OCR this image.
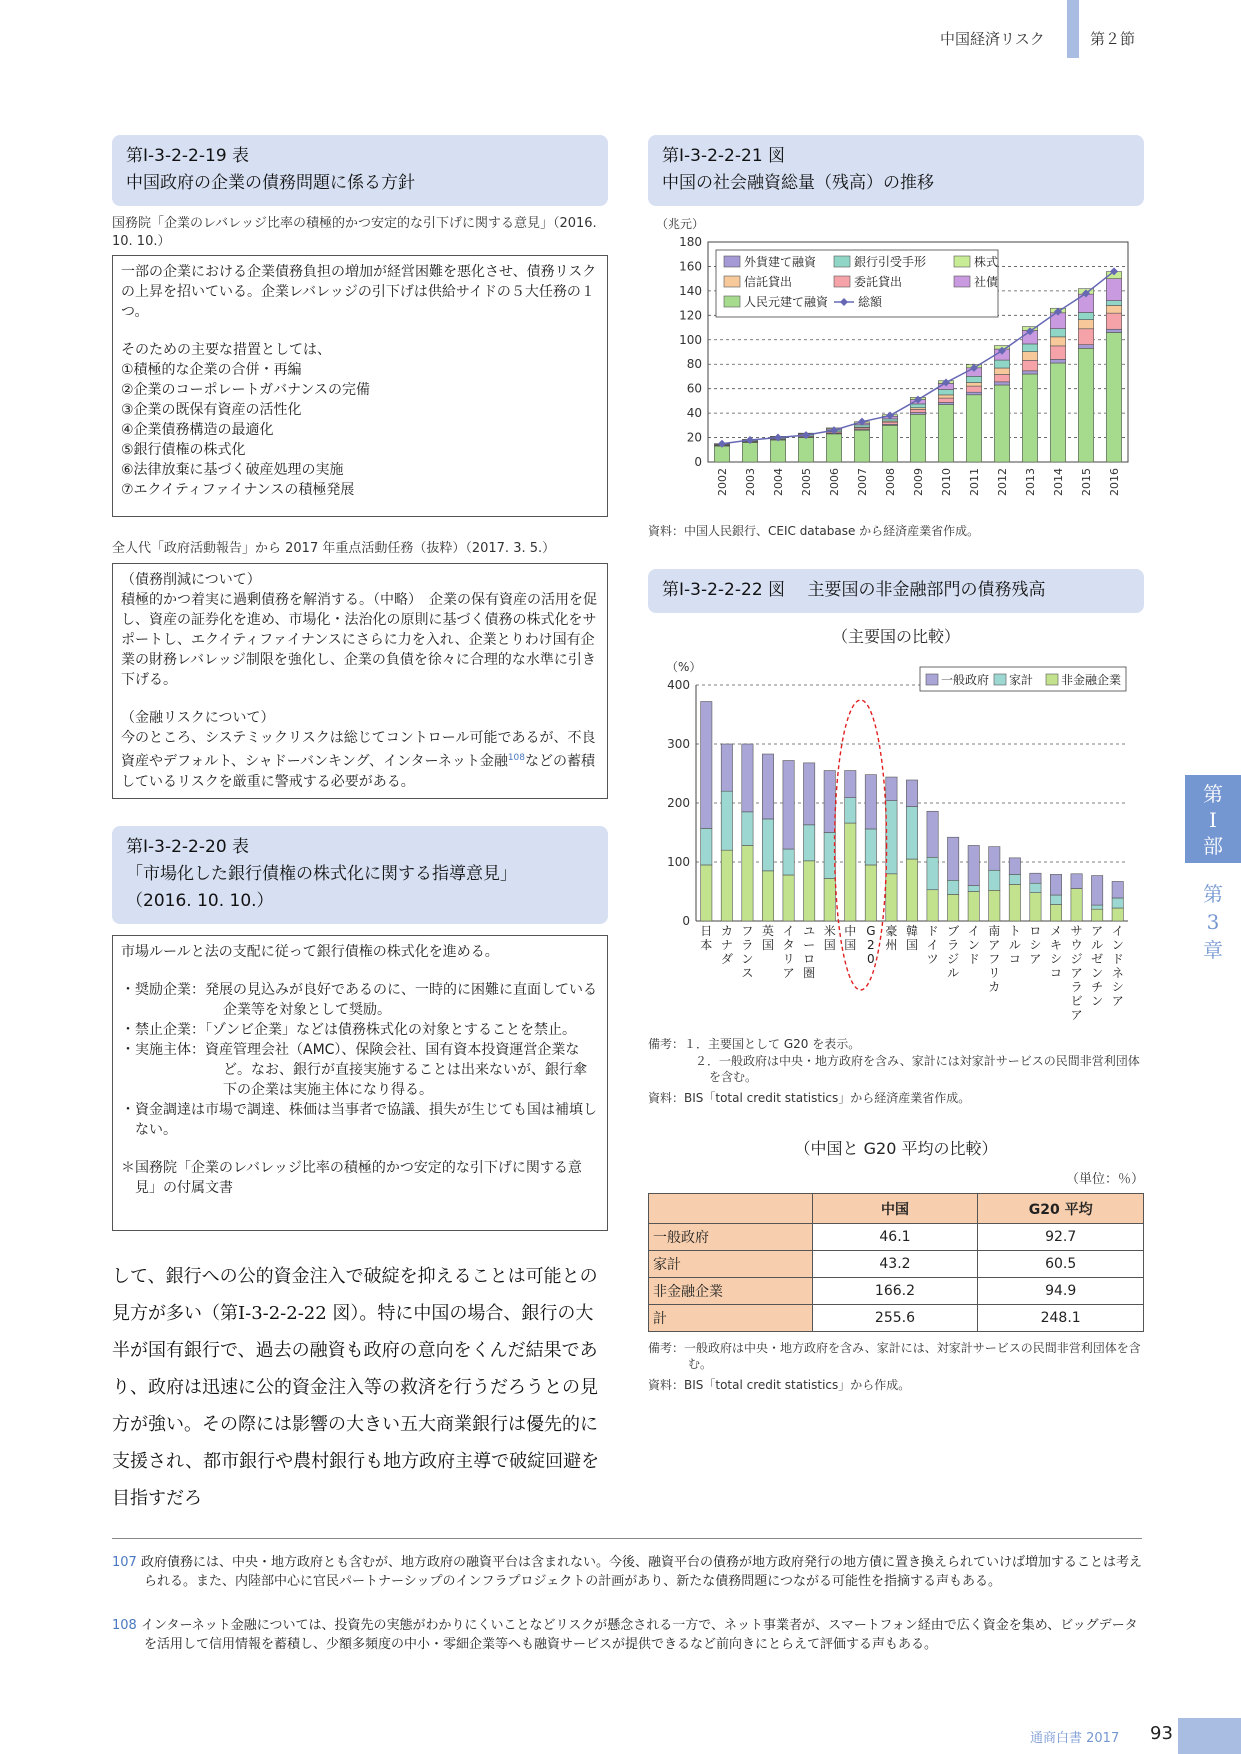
中国経済リスク	第２節
第
Ⅰ
部
第
3
章
第Ⅰ-3-2-2-19 表
中国政府の企業の債務問題に係る方針
国務院「企業のレバレッジ比率の積極的かつ安定的な引下げに関する意見」（2016. 10. 10.）

一部の企業における企業債務負担の増加が経営困難を悪化させ、債務リスクの上昇を招いている。企業レバレッジの引下げは供給サイドの５大任務の１つ。

そのための主要な措置としては、

①積極的な企業の合併・再編

②企業のコーポレートガバナンスの完備

③企業の既保有資産の活性化

④企業債務構造の最適化

⑤銀行債権の株式化

⑥法律放棄に基づく破産処理の実施

⑦エクイティファイナンスの積極発展

全人代「政府活動報告」から 2017 年重点活動任務（抜粋）（2017. 3. 5.）

（債務削減について）

積極的かつ着実に過剰債務を解消する。（中略）　企業の保有資産の活用を促し、資産の証券化を進め、市場化・法治化の原則に基づく債務の株式化をサポートし、エクイティファイナンスにさらに力を入れ、企業とりわけ国有企業の財務レバレッジ制限を強化し、企業の負債を徐々に合理的な水準に引き下げる。

（金融リスクについて）

今のところ、システミックリスクは総じてコントロール可能であるが、不良資産やデフォルト、シャドーバンキング、インターネット金融$^{108}$などの蓄積しているリスクを厳重に警戒する必要がある。

第Ⅰ-3-2-2-20 表
「市場化した銀行債権の株式化に関する指導意見」
（2016. 10. 10.）

市場ルールと法の支配に従って銀行債権の株式化を進める。

・奨励企業：発展の見込みが良好であるのに、一時的に困難に直面している企業等を対象として奨励。

・禁止企業：「ゾンビ企業」などは債務株式化の対象とすることを禁止。

・実施主体：資産管理会社（AMC）、保険会社、国有資本投資運営企業など。なお、銀行が直接実施することは出来ないが、銀行傘下の企業は実施主体になり得る。

・資金調達は市場で調達、株価は当事者で協議、損失が生じても国は補填しない。

＊国務院「企業のレバレッジ比率の積極的かつ安定的な引下げに関する意見」の付属文書

して、銀行への公的資金注入で破綻を抑えることは可能との見方が多い（第Ⅰ-3-2-2-22 図）。特に中国の場合、銀行の大半が国有銀行で、過去の融資も政府の意向をくんだ結果であり、政府は迅速に公的資金注入等の救済を行うだろうとの見方が強い。その際には影響の大きい五大商業銀行は優先的に支援され、都市銀行や農村銀行も地方政府主導で破綻回避を目指すだろ
第Ⅰ-3-2-2-21 図
中国の社会融資総量（残高）の推移
（兆元）
0
20
40
60
80
100
120
140
160
180
2002 2003 2004 2005 2006 2007 2008 2009 2010 2011 2012 2013 2014 2015 2016
外貨建て融資	銀行引受手形	株式
信託貸出	委託貸出	社債
人民元建て融資 総額
資料：中国人民銀行、CEIC database から経済産業省作成。
第Ⅰ-3-2-2-22 図　 主要国の非金融部門の債務残高
（主要国の比較）
（%）
0
100
200
300
400
日本
カナダ
フランス
英国
イタリア
ユーロ圏
米国
中国
G 2 0
豪州
韓国
ドイツ
ブラジル
インド
南アフリカ
トルコ
ロシア
メキシコ
サウジアラビア
アルゼンチン
インドネシア
一般政府 家計 非金融企業
備考：１．主要国として G20 を表示。
２．一般政府は中央・地方政府を含み、家計には対家計サービスの民間非営利団体を含む。
資料：BIS「total credit statistics」から経済産業省作成。
（中国と G20 平均の比較）
（単位：％）
	中国	G20 平均
一般政府	46.1	92.7
家計	43.2	60.5
非金融企業	166.2	94.9
計	255.6	248.1
備考：一般政府は中央・地方政府を含み、家計には、対家計サービスの民間非営利団体を含む。
資料：BIS「total credit statistics」から作成。
107 政府債務には、中央・地方政府とも含むが、地方政府の融資平台は含まれない。今後、融資平台の債務が地方政府発行の地方債に置き換えられていけば増加することは考えられる。また、内陸部中心に官民パートナーシップのインフラプロジェクトの計画があり、新たな債務問題につながる可能性を指摘する声もある。
108 インターネット金融については、投資先の実態がわかりにくいことなどリスクが懸念される一方で、ネット事業者が、スマートフォン経由で広く資金を集め、ビッグデータを活用して信用情報を蓄積し、少額多頻度の中小・零細企業等へも融資サービスが提供できるなど前向きにとらえて評価する声もある。
通商白書 2017 93
